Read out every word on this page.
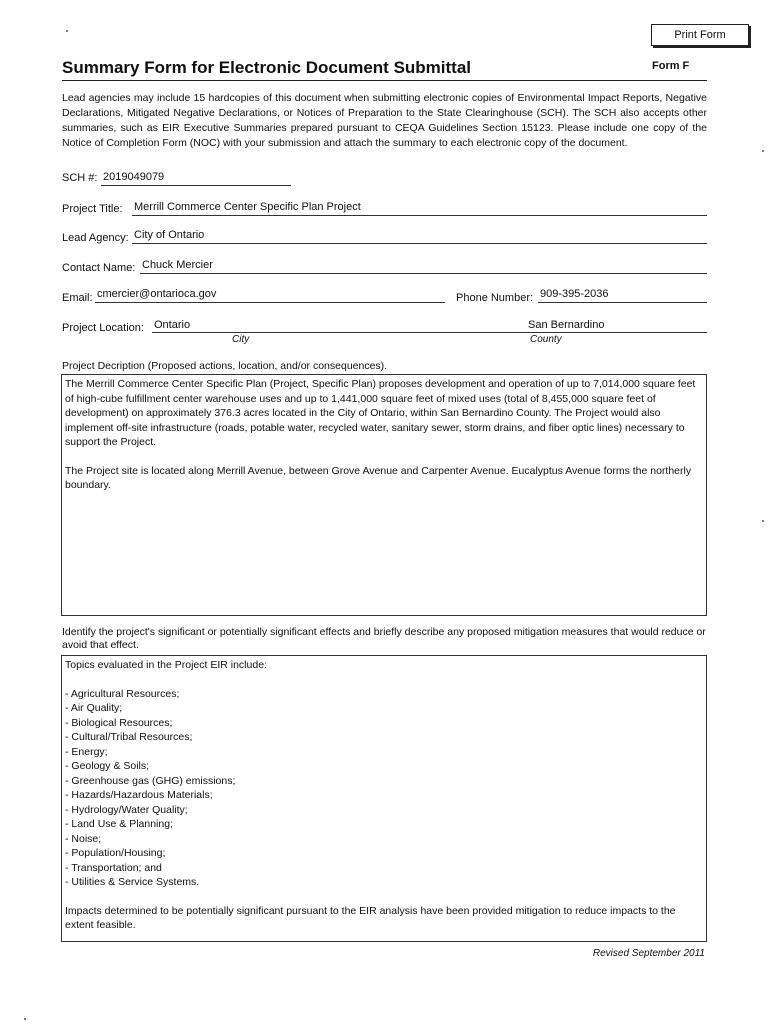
Print Form
Summary Form for Electronic Document Submittal	Form F
Lead agencies may include 15 hardcopies of this document when submitting electronic copies of Environmental Impact Reports, Negative Declarations, Mitigated Negative Declarations, or Notices of Preparation to the State Clearinghouse (SCH). The SCH also accepts other summaries, such as EIR Executive Summaries prepared pursuant to CEQA Guidelines Section 15123. Please include one copy of the Notice of Completion Form (NOC) with your submission and attach the summary to each electronic copy of the document.
SCH #: 2019049079
Project Title: Merrill Commerce Center Specific Plan Project
Lead Agency: City of Ontario
Contact Name: Chuck Mercier
Email: cmercier@ontarioca.gov	Phone Number: 909-395-2036
Project Location: Ontario	San Bernardino
City	County
Project Decription (Proposed actions, location, and/or consequences).

The Merrill Commerce Center Specific Plan (Project, Specific Plan) proposes development and operation of up to 7,014,000 square feet of high-cube fulfillment center warehouse uses and up to 1,441,000 square feet of mixed uses (total of 8,455,000 square feet of development) on approximately 376.3 acres located in the City of Ontario, within San Bernardino County. The Project would also implement off-site infrastructure (roads, potable water, recycled water, sanitary sewer, storm drains, and fiber optic lines) necessary to support the Project.

The Project site is located along Merrill Avenue, between Grove Avenue and Carpenter Avenue. Eucalyptus Avenue forms the northerly boundary.

Identify the project's significant or potentially significant effects and briefly describe any proposed mitigation measures that would reduce or avoid that effect.

Topics evaluated in the Project EIR include:

- Agricultural Resources;
- Air Quality;
- Biological Resources;
- Cultural/Tribal Resources;
- Energy;
- Geology & Soils;
- Greenhouse gas (GHG) emissions;
- Hazards/Hazardous Materials;
- Hydrology/Water Quality;
- Land Use & Planning;
- Noise;
- Population/Housing;
- Transportation; and
- Utilities & Service Systems.

Impacts determined to be potentially significant pursuant to the EIR analysis have been provided mitigation to reduce impacts to the extent feasible.

Revised September 2011
